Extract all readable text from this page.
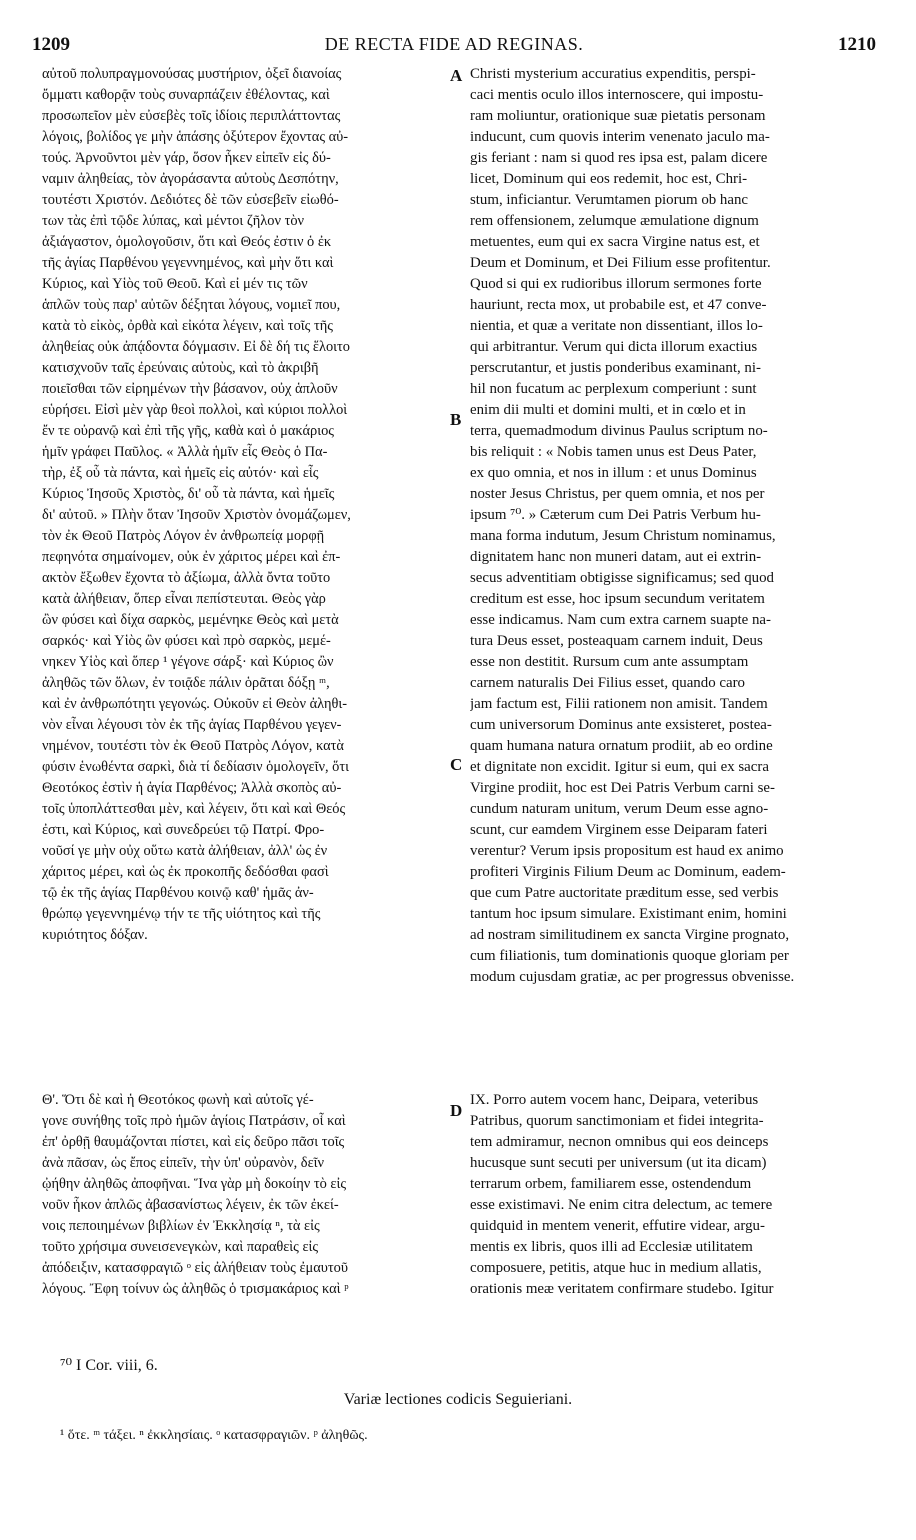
1209	DE RECTA FIDE AD REGINAS.	1210
αὐτοῦ πολυπραγμονούσας μυστήριον, ὀξεῖ διανοίας
ὄμματι καθορᾷν τοὺς συναρπάζειν ἐθέλοντας, καὶ
προσωπεῖον μὲν εὐσεβὲς τοῖς ἰδίοις περιπλάττοντας
λόγοις, βολίδος γε μὴν ἁπάσης ὀξύτερον ἔχοντας αὐ-
τούς. Ἀρνοῦντοι μὲν γάρ, ὅσον ἧκεν εἰπεῖν εἰς δύ-
ναμιν ἀληθείας, τὸν ἀγοράσαντα αὐτοὺς Δεσπότην,
τουτέστι Χριστόν. Δεδιότες δὲ τῶν εὐσεβεῖν εἰωθό-
των τὰς ἐπὶ τῷδε λύπας, καὶ μέντοι ζῆλον τὸν
ἀξιάγαστον, ὁμολογοῦσιν, ὅτι καὶ Θεός ἐστιν ὁ ἐκ
τῆς ἁγίας Παρθένου γεγεννημένος, καὶ μὴν ὅτι καὶ
Κύριος, καὶ Υἱὸς τοῦ Θεοῦ. Καὶ εἰ μέν τις τῶν
ἁπλῶν τοὺς παρ' αὐτῶν δέξηται λόγους, νομιεῖ που,
κατὰ τὸ εἰκὸς, ὀρθὰ καὶ εἰκότα λέγειν, καὶ τοῖς τῆς
ἀληθείας οὐκ ἀπᾴδοντα δόγμασιν. Εἰ δὲ δή τις ἕλοιτο
κατισχνοῦν ταῖς ἐρεύναις αὐτοὺς, καὶ τὸ ἀκριβῆ
ποιεῖσθαι τῶν εἰρημένων τὴν βάσανον, οὐχ ἁπλοῦν
εὑρήσει. Εἰσὶ μὲν γὰρ θεοὶ πολλοὶ, καὶ κύριοι πολλοὶ
ἔν τε οὐρανῷ καὶ ἐπὶ τῆς γῆς, καθὰ καὶ ὁ μακάριος
ἡμῖν γράφει Παῦλος. « Ἀλλὰ ἡμῖν εἷς Θεὸς ὁ Πα-
τὴρ, ἐξ οὗ τὰ πάντα, καὶ ἡμεῖς εἰς αὐτόν· καὶ εἷς
Κύριος Ἰησοῦς Χριστὸς, δι' οὗ τὰ πάντα, καὶ ἡμεῖς
δι' αὐτοῦ. » Πλὴν ὅταν Ἰησοῦν Χριστὸν ὀνομάζωμεν,
τὸν ἐκ Θεοῦ Πατρὸς Λόγον ἐν ἀνθρωπείᾳ μορφῇ
πεφηνότα σημαίνομεν, οὐκ ἐν χάριτος μέρει καὶ ἐπ-
ακτὸν ἔξωθεν ἔχοντα τὸ ἀξίωμα, ἀλλὰ ὄντα τοῦτο
κατὰ ἀλήθειαν, ὅπερ εἶναι πεπίστευται. Θεὸς γὰρ
ὢν φύσει καὶ δίχα σαρκὸς, μεμένηκε Θεὸς καὶ μετὰ
σαρκός· καὶ Υἱὸς ὢν φύσει καὶ πρὸ σαρκὸς, μεμέ-
νηκεν Υἱὸς καὶ ὅπερ ¹ γέγονε σάρξ· καὶ Κύριος ὢν
ἀληθῶς τῶν ὅλων, ἐν τοιᾷδε πάλιν ὁρᾶται δόξῃ ᵐ,
καὶ ἐν ἀνθρωπότητι γεγονώς. Οὐκοῦν εἰ Θεὸν ἀληθι-
νὸν εἶναι λέγουσι τὸν ἐκ τῆς ἁγίας Παρθένου γεγεν-
νημένον, τουτέστι τὸν ἐκ Θεοῦ Πατρὸς Λόγον, κατὰ
φύσιν ἑνωθέντα σαρκὶ, διὰ τί δεδίασιν ὁμολογεῖν, ὅτι
Θεοτόκος ἐστὶν ἡ ἁγία Παρθένος; Ἀλλὰ σκοπὸς αὐ-
τοῖς ὑποπλάττεσθαι μὲν, καὶ λέγειν, ὅτι καὶ καὶ Θεός
ἐστι, καὶ Κύριος, καὶ συνεδρεύει τῷ Πατρί. Φρο-
νοῦσί γε μὴν οὐχ οὕτω κατὰ ἀλήθειαν, ἀλλ' ὡς ἐν
χάριτος μέρει, καὶ ὡς ἐκ προκοπῆς δεδόσθαι φασὶ
τῷ ἐκ τῆς ἁγίας Παρθένου κοινῷ καθ' ἡμᾶς ἀν-
θρώπῳ γεγεννημένῳ τήν τε τῆς υἱότητος καὶ τῆς
κυριότητος δόξαν.
Christi mysterium accuratius expenditis, perspi-
caci mentis oculo illos internoscere, qui impostu-
ram moliuntur, orationique suæ pietatis personam
inducunt, cum quovis interim venenato jaculo ma-
gis feriant : nam si quod res ipsa est, palam dicere
licet, Dominum qui eos redemit, hoc est, Chri-
stum, inficiantur. Verumtamen piorum ob hanc
rem offensionem, zelumque æmulatione dignum
metuentes, eum qui ex sacra Virgine natus est, et
Deum et Dominum, et Dei Filium esse profitentur.
Quod si qui ex rudioribus illorum sermones forte
hauriunt, recta mox, ut probabile est, et 47 conve-
nientia, et quæ a veritate non dissentiant, illos lo-
qui arbitrantur. Verum qui dicta illorum exactius
perscrutantur, et justis ponderibus examinant, ni-
hil non fucatum ac perplexum comperiunt : sunt
enim dii multi et domini multi, et in cœlo et in
terra, quemadmodum divinus Paulus scriptum no-
bis reliquit : « Nobis tamen unus est Deus Pater,
ex quo omnia, et nos in illum : et unus Dominus
noster Jesus Christus, per quem omnia, et nos per
ipsum ⁷⁰. » Cæterum cum Dei Patris Verbum hu-
mana forma indutum, Jesum Christum nominamus,
dignitatem hanc non muneri datam, aut ei extrin-
secus adventitiam obtigisse significamus; sed quod
creditum est esse, hoc ipsum secundum veritatem
esse indicamus. Nam cum extra carnem suapte na-
tura Deus esset, posteaquam carnem induit, Deus
esse non destitit. Rursum cum ante assumptam
carnem naturalis Dei Filius esset, quando caro
jam factum est, Filii rationem non amisit. Tandem
cum universorum Dominus ante exsisteret, postea-
quam humana natura ornatum prodiit, ab eo ordine
et dignitate non excidit. Igitur si eum, qui ex sacra
Virgine prodiit, hoc est Dei Patris Verbum carni se-
cundum naturam unitum, verum Deum esse agno-
scunt, cur eamdem Virginem esse Deiparam fateri
verentur? Verum ipsis propositum est haud ex animo
profiteri Virginis Filium Deum ac Dominum, eadem-
que cum Patre auctoritate præditum esse, sed verbis
tantum hoc ipsum simulare. Existimant enim, homini
ad nostram similitudinem ex sancta Virgine prognato,
cum filiationis, tum dominationis quoque gloriam per
modum cujusdam gratiæ, ac per progressus obvenisse.
A
B
C
D
Θ'. Ὅτι δὲ καὶ ἡ Θεοτόκος φωνὴ καὶ αὐτοῖς γέ-
γονε συνήθης τοῖς πρὸ ἡμῶν ἁγίοις Πατράσιν, οἷ καὶ
ἐπ' ὀρθῇ θαυμάζονται πίστει, καὶ εἰς δεῦρο πᾶσι τοῖς
ἀνὰ πᾶσαν, ὡς ἔπος εἰπεῖν, τὴν ὑπ' οὐρανὸν, δεῖν
ᾠήθην ἀληθῶς ἀποφῆναι. Ἵνα γὰρ μὴ δοκοίην τὸ εἰς
νοῦν ἧκον ἁπλῶς ἀβασανίστως λέγειν, ἐκ τῶν ἐκεί-
νοις πεποιημένων βιβλίων ἐν Ἐκκλησίᾳ ⁿ, τὰ εἰς
τοῦτο χρήσιμα συνεισενεγκὼν, καὶ παραθεὶς εἰς
ἀπόδειξιν, κατασφραγιῶ ᵒ εἰς ἀλήθειαν τοὺς ἐμαυτοῦ
λόγους. Ἔφη τοίνυν ὡς ἀληθῶς ὁ τρισμακάριος καὶ ᵖ
IX. Porro autem vocem hanc, Deipara, veteribus
Patribus, quorum sanctimoniam et fidei integrita-
tem admiramur, necnon omnibus qui eos deinceps
hucusque sunt secuti per universum (ut ita dicam)
terrarum orbem, familiarem esse, ostendendum
esse existimavi. Ne enim citra delectum, ac temere
quidquid in mentem venerit, effutire videar, argu-
mentis ex libris, quos illi ad Ecclesiæ utilitatem
composuere, petitis, atque huc in medium allatis,
orationis meæ veritatem confirmare studebo. Igitur
⁷⁰ I Cor. viii, 6.
Variæ lectiones codicis Seguieriani.
¹ ὅτε. ᵐ τάξει. ⁿ ἐκκλησίαις. ᵒ κατασφραγιῶν. ᵖ ἀληθῶς.
